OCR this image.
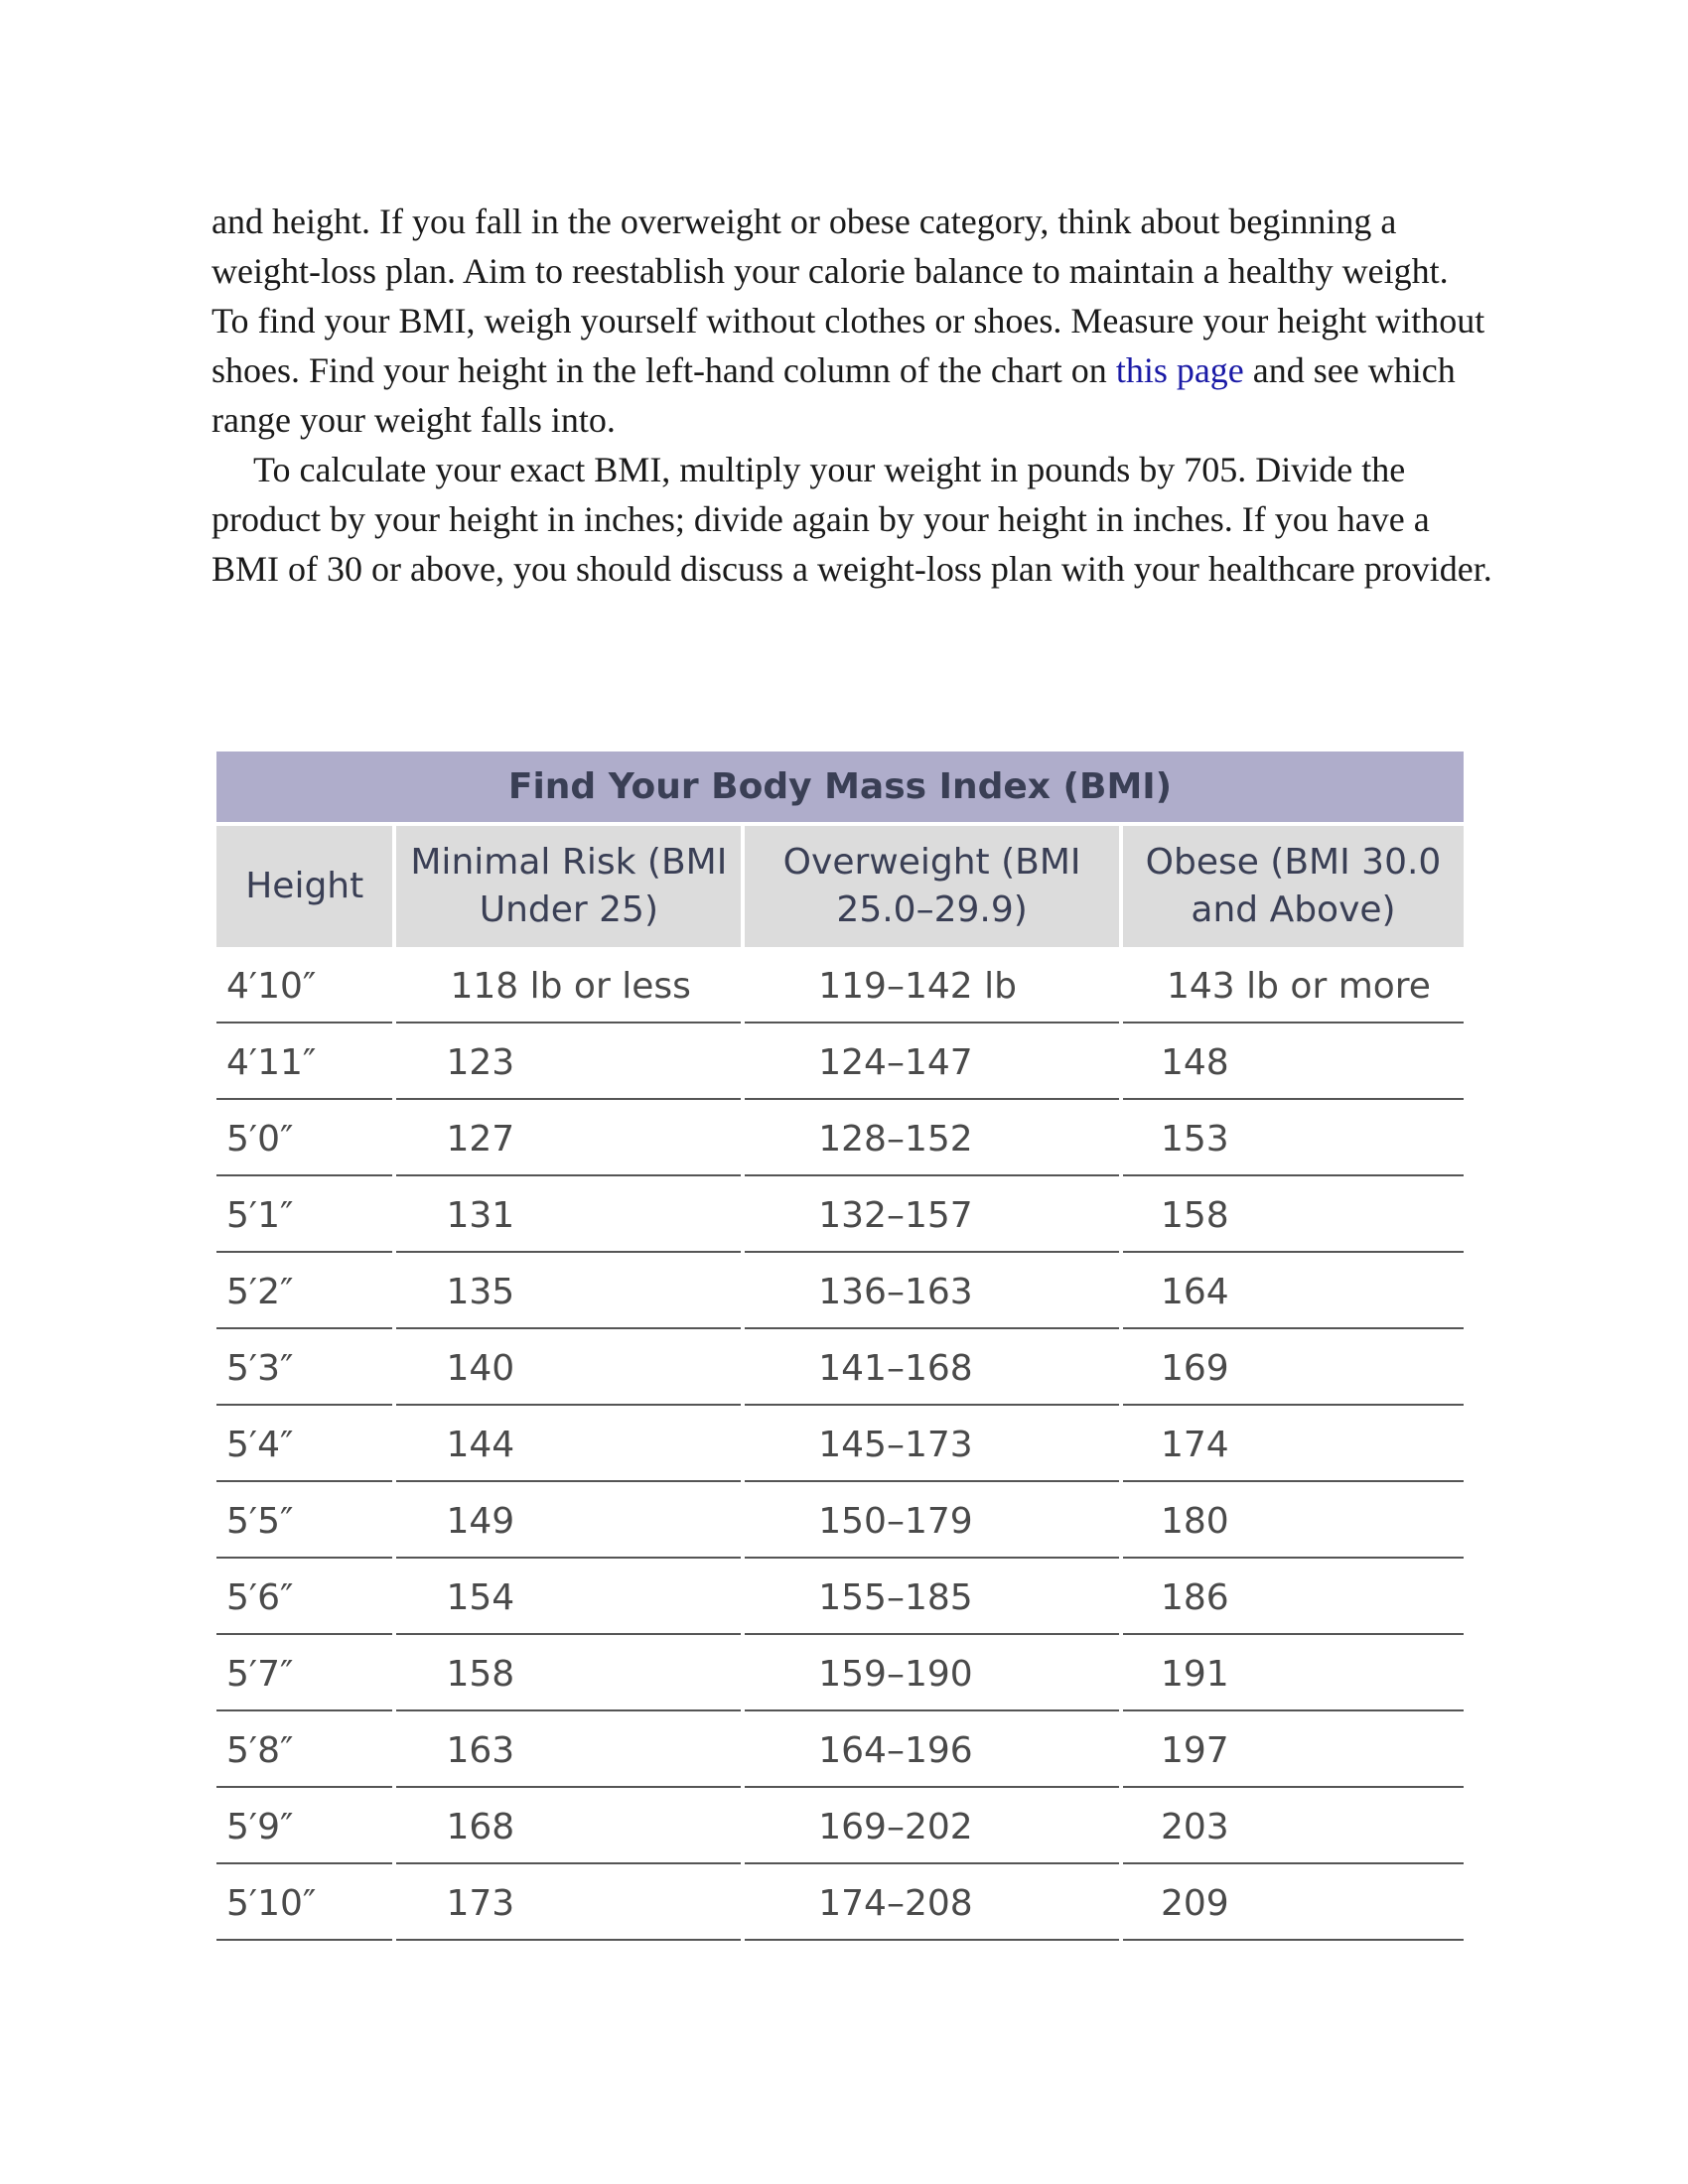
and height. If you fall in the overweight or obese category, think about beginning a weight-loss plan. Aim to reestablish your calorie balance to maintain a healthy weight. To find your BMI, weigh yourself without clothes or shoes. Measure your height without shoes. Find your height in the left-hand column of the chart on this page and see which range your weight falls into.

To calculate your exact BMI, multiply your weight in pounds by 705. Divide the product by your height in inches; divide again by your height in inches. If you have a BMI of 30 or above, you should discuss a weight-loss plan with your healthcare provider.

Find Your Body Mass Index (BMI)			
Height	Minimal Risk (BMI Under 25)	Overweight (BMI 25.0–29.9)	Obese (BMI 30.0 and Above)
4′10″	118 lb or less	119–142 lb	143 lb or more
4′11″	123	124–147	148
5′0″	127	128–152	153
5′1″	131	132–157	158
5′2″	135	136–163	164
5′3″	140	141–168	169
5′4″	144	145–173	174
5′5″	149	150–179	180
5′6″	154	155–185	186
5′7″	158	159–190	191
5′8″	163	164–196	197
5′9″	168	169–202	203
5′10″	173	174–208	209
